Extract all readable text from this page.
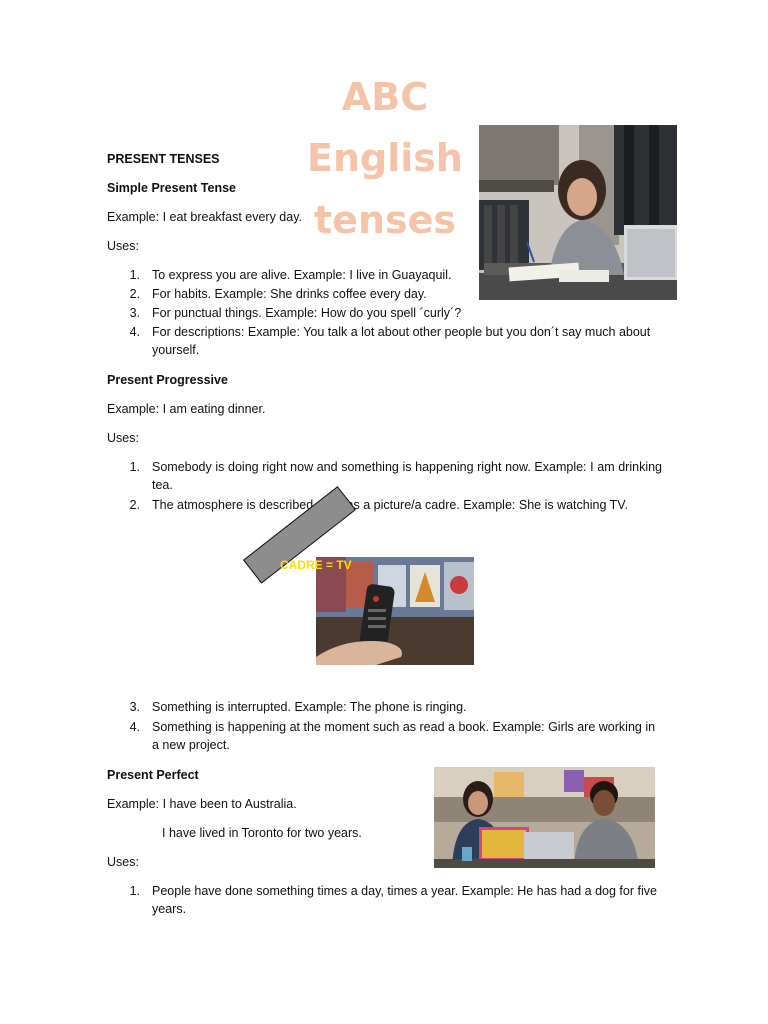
ABC
English
tenses
PRESENT TENSES
Simple Present Tense
Example: I eat breakfast every day.
Uses:
1. To express you are alive. Example: I live in Guayaquil.
2. For habits. Example: She drinks coffee every day.
3. For punctual things. Example: How do you spell ´curly´?
4. For descriptions: Example: You talk a lot about other people but you don´t say much about yourself.
Present Progressive
Example: I am eating dinner.
Uses:
1. Somebody is doing right now and something is happening right now. Example: I am drinking tea.
2. The atmosphere is described such as a picture/a cadre. Example: She is watching TV.
CADRE = TV
3. Something is interrupted. Example: The phone is ringing.
4. Something is happening at the moment such as read a book. Example: Girls are working in a new project.
Present Perfect
Example: I have been to Australia.
I have lived in Toronto for two years.
Uses:
1. People have done something times a day, times a year. Example: He has had a dog for five years.
